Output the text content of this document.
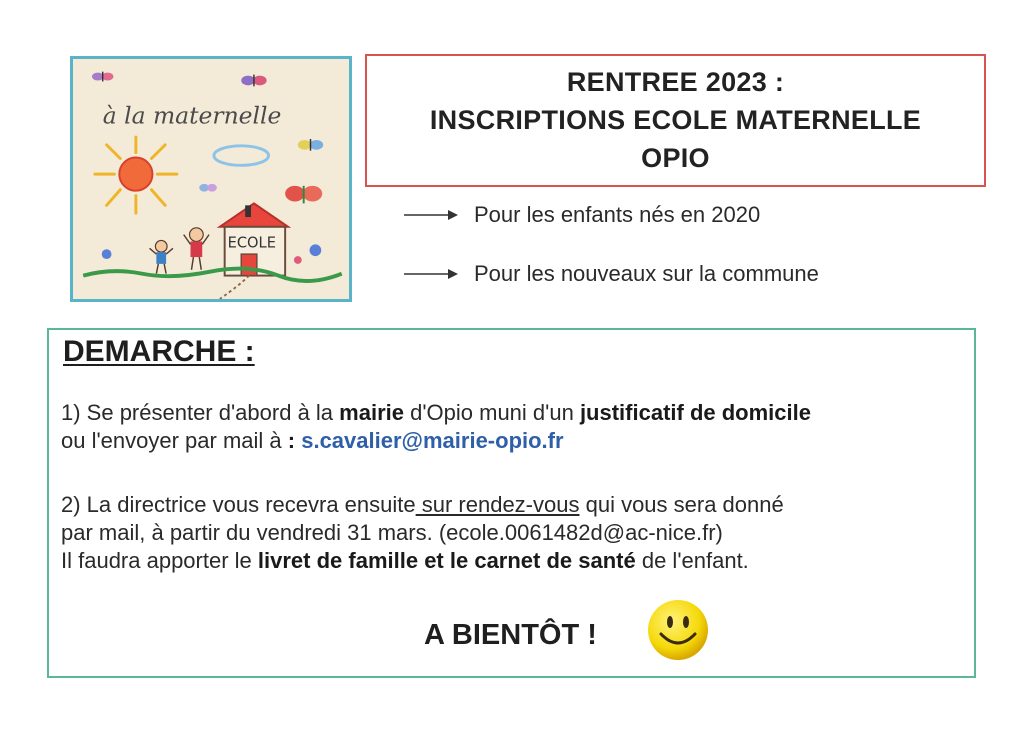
à la maternelle
ECOLE
RENTREE 2023 :
INSCRIPTIONS ECOLE MATERNELLE
OPIO
Pour les enfants nés en 2020
Pour les nouveaux sur la commune
DEMARCHE :
1) Se présenter d'abord à la mairie d'Opio muni d'un justificatif de domicile
ou l'envoyer par mail à : s.cavalier@mairie-opio.fr
2) La directrice vous recevra ensuite sur rendez-vous qui vous sera donné
par mail, à partir du vendredi 31 mars. (ecole.0061482d@ac-nice.fr)
Il faudra apporter le livret de famille et le carnet de santé de l'enfant.
A BIENTÔT !
